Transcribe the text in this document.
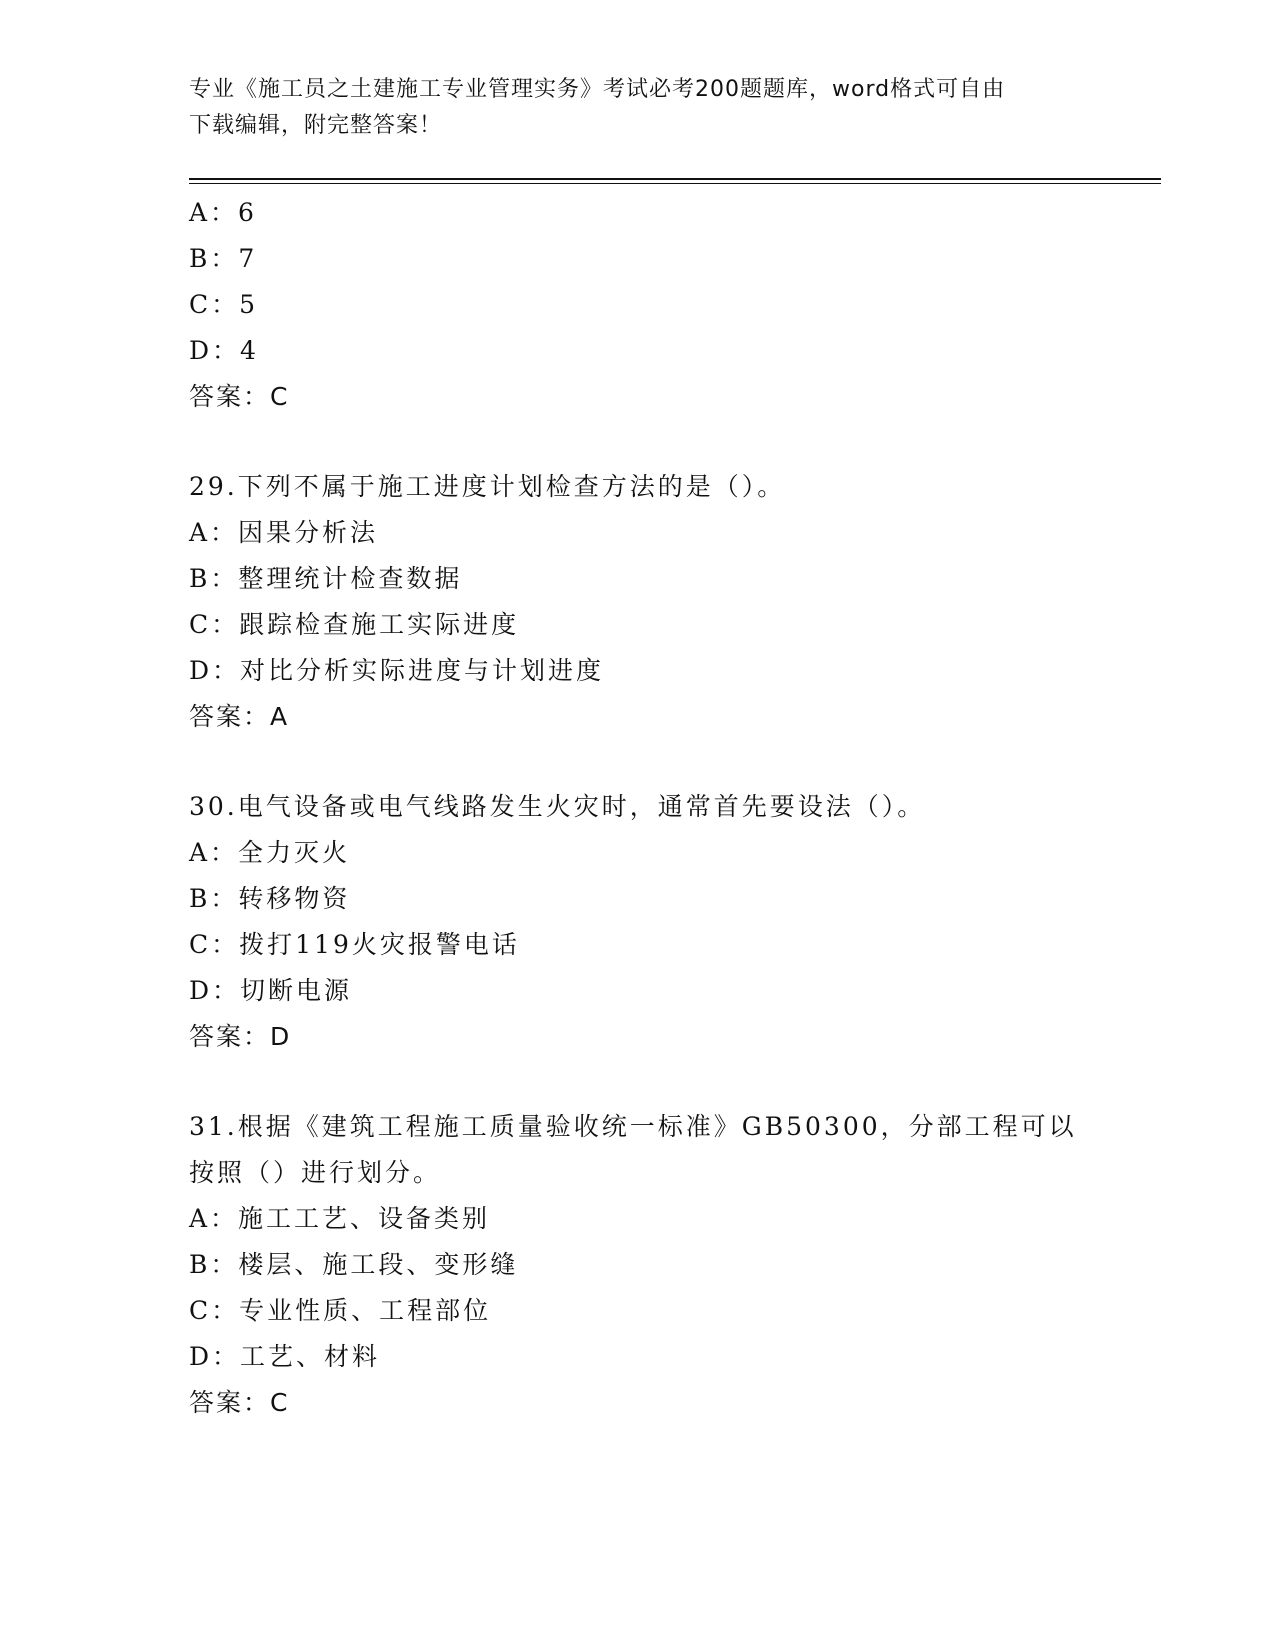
专业《施工员之土建施工专业管理实务》考试必考200题题库，word格式可自由
下载编辑，附完整答案！
A：6
B：7
C：5
D：4
答案：C
29.下列不属于施工进度计划检查方法的是（）。
A：因果分析法
B：整理统计检查数据
C：跟踪检查施工实际进度
D：对比分析实际进度与计划进度
答案：A
30.电气设备或电气线路发生火灾时，通常首先要设法（）。
A：全力灭火
B：转移物资
C：拨打119火灾报警电话
D：切断电源
答案：D
31.根据《建筑工程施工质量验收统一标准》GB50300，分部工程可以
按照（）进行划分。
A：施工工艺、设备类别
B：楼层、施工段、变形缝
C：专业性质、工程部位
D：工艺、材料
答案：C
